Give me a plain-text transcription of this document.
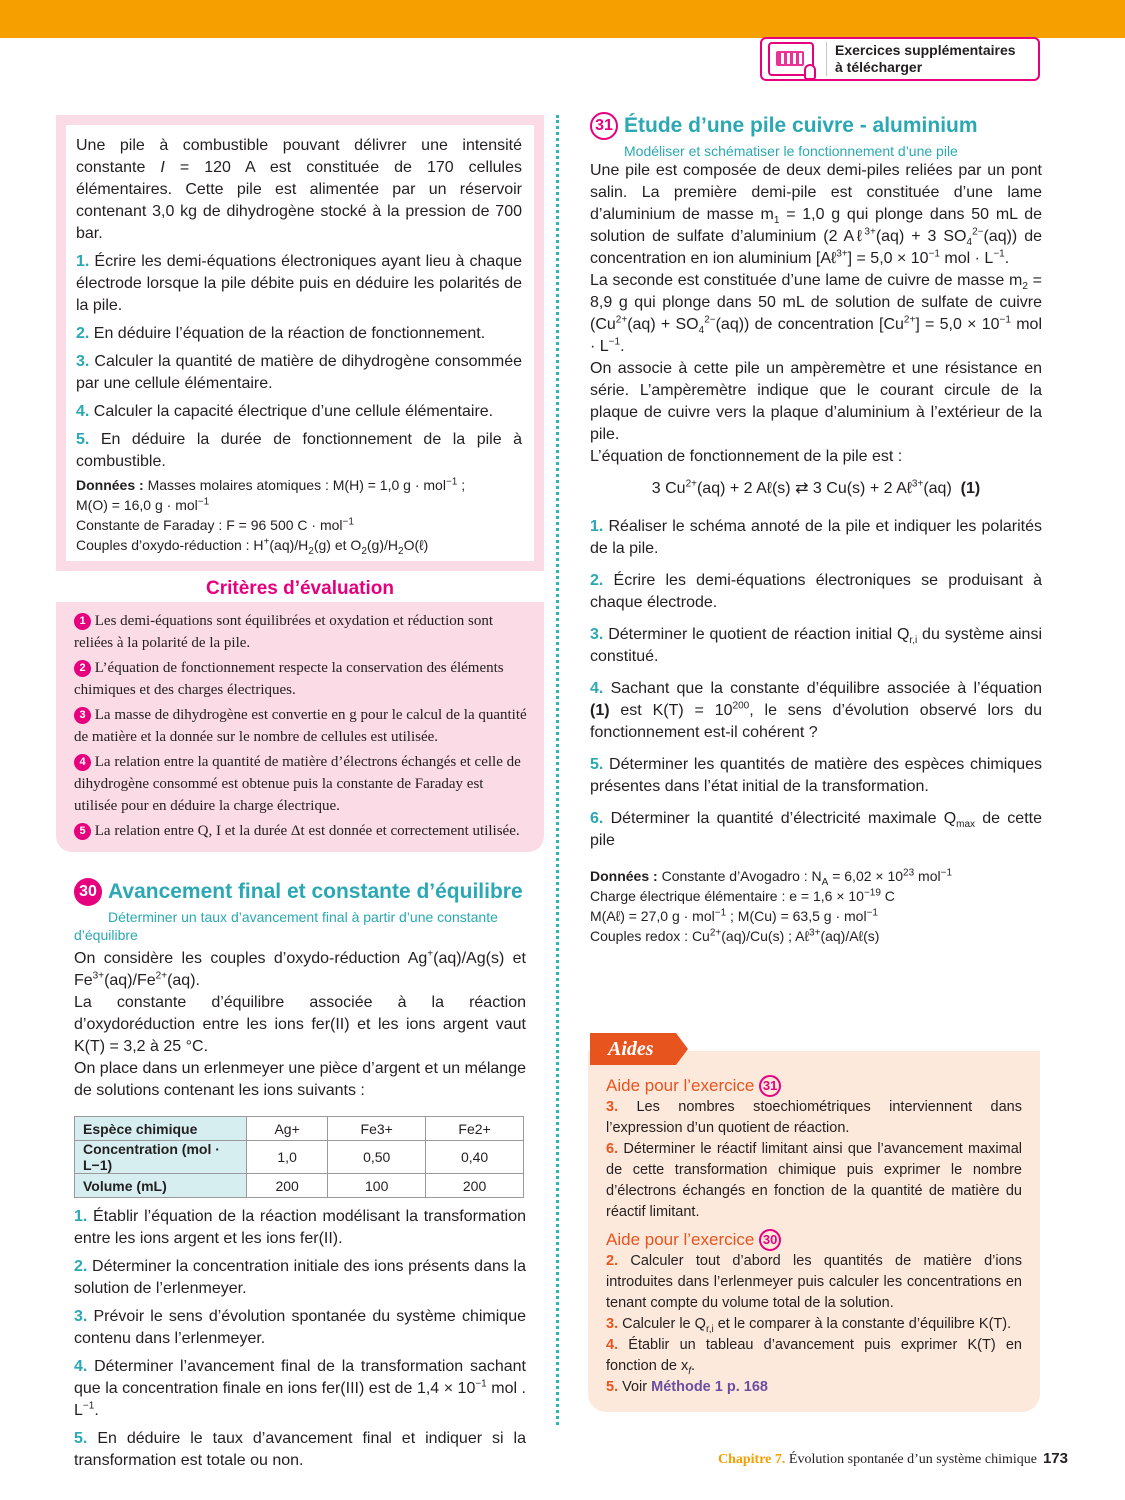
Exercices supplémentaires
à télécharger

Une pile à combustible pouvant délivrer une intensité constante I = 120 A est constituée de 170 cellules élémentaires. Cette pile est alimentée par un réservoir contenant 3,0 kg de dihydrogène stocké à la pression de 700 bar.

1. Écrire les demi-équations électroniques ayant lieu à chaque électrode lorsque la pile débite puis en déduire les polarités de la pile.

2. En déduire l’équation de la réaction de fonctionnement.

3. Calculer la quantité de matière de dihydrogène consommée par une cellule élémentaire.

4. Calculer la capacité électrique d’une cellule élémentaire.

5. En déduire la durée de fonctionnement de la pile à combustible.

Données : Masses molaires atomiques : M(H) = 1,0 g · mol$^{-1}$ ;
M(O) = 16,0 g · mol$^{-1}$
Constante de Faraday : F = 96 500 C · mol$^{-1}$
Couples d’oxydo-réduction : $H^+(aq)/H_2(g)$ et $O_2(g)/H_2O(\ell)$
Critères d’évaluation
1 Les demi-équations sont équilibrées et oxydation et réduction sont reliées à la polarité de la pile.
2 L’équation de fonctionnement respecte la conservation des éléments chimiques et des charges électriques.
3 La masse de dihydrogène est convertie en g pour le calcul de la quantité de matière et la donnée sur le nombre de cellules est utilisée.
4 La relation entre la quantité de matière d’électrons échangés et celle de dihydrogène consommé est obtenue puis la constante de Faraday est utilisée pour en déduire la charge électrique.
5 La relation entre Q, I et la durée Δt est donnée et correctement utilisée.
30 Avancement final et constante d’équilibre
Déterminer un taux d’avancement final à partir d’une constante d’équilibre

On considère les couples d’oxydo-réduction Ag+(aq)/Ag(s) et $Fe^{3+}(aq)/Fe^{2+}(aq)$.

La constante d’équilibre associée à la réaction d’oxydoréduction entre les ions fer(II) et les ions argent vaut K(T) = 3,2 à 25 °C.

On place dans un erlenmeyer une pièce d’argent et un mélange de solutions contenant les ions suivants :

Espèce chimique	Ag+	Fe3+	Fe2+
Concentration (mol · L−1)	1,0	0,50	0,40
Volume (mL)	200	100	200

1. Établir l’équation de la réaction modélisant la transformation entre les ions argent et les ions fer(II).

2. Déterminer la concentration initiale des ions présents dans la solution de l’erlenmeyer.

3. Prévoir le sens d’évolution spontanée du système chimique contenu dans l’erlenmeyer.

4. Déterminer l’avancement final de la transformation sachant que la concentration finale en ions fer(III) est de $1,4 \times 10^{-1}$ mol . $L^{-1}$.

5. En déduire le taux d’avancement final et indiquer si la transformation est totale ou non.

31 Étude d’une pile cuivre - aluminium
Modéliser et schématiser le fonctionnement d’une pile

Une pile est composée de deux demi-piles reliées par un pont salin. La première demi-pile est constituée d’une lame d’aluminium de masse $m_1 = 1,0$ g qui plonge dans 50 mL de solution de sulfate d’aluminium (2 Aℓ$^{3+}$(aq) + 3 $SO_4^{2-}(aq)$) de concentration en ion aluminium [Aℓ$^{3+}$] = $5,0 \times 10^{-1}$ mol · $L^{-1}$.

La seconde est constituée d’une lame de cuivre de masse $m_2 = 8,9$ g qui plonge dans 50 mL de solution de sulfate de cuivre $(Cu^{2+}(aq) + SO_4^{2-}(aq))$ de concentration $[Cu^{2+}] = 5,0 \times 10^{-1}$ mol · $L^{-1}$.

On associe à cette pile un ampèremètre et une résistance en série. L’ampèremètre indique que le courant circule de la plaque de cuivre vers la plaque d’aluminium à l’extérieur de la pile.

L’équation de fonctionnement de la pile est :

3 $Cu^{2+}(aq) + 2$ Aℓ(s) ⇄ 3 Cu(s) + 2 Aℓ$^{3+}$(aq) (1)

1. Réaliser le schéma annoté de la pile et indiquer les polarités de la pile.

2. Écrire les demi-équations électroniques se produisant à chaque électrode.

3. Déterminer le quotient de réaction initial $Q_{r,i}$ du système ainsi constitué.

4. Sachant que la constante d’équilibre associée à l’équation (1) est $K(T) = 10^{200}$, le sens d’évolution observé lors du fonctionnement est-il cohérent ?

5. Déterminer les quantités de matière des espèces chimiques présentes dans l’état initial de la transformation.

6. Déterminer la quantité d’électricité maximale $Q_{max}$ de cette pile

Données : Constante d’Avogadro : $N_A = 6,02 \times 10^{23}$ mol$^{-1}$
Charge électrique élémentaire : $e = 1,6 \times 10^{-19}$ C
M(Aℓ) = 27,0 g · mol$^{-1}$ ; M(Cu) = 63,5 g · mol$^{-1}$
Couples redox : $Cu^{2+}(aq)/Cu(s)$ ; Aℓ$^{3+}$(aq)/Aℓ(s)
Aides
Aide pour l’exercice 31

3. Les nombres stoechiométriques interviennent dans l’expression d’un quotient de réaction.

6. Déterminer le réactif limitant ainsi que l’avancement maximal de cette transformation chimique puis exprimer le nombre d’électrons échangés en fonction de la quantité de matière du réactif limitant.

Aide pour l’exercice 30

2. Calculer tout d’abord les quantités de matière d’ions introduites dans l’erlenmeyer puis calculer les concentrations en tenant compte du volume total de la solution.

3. Calculer le $Q_{r,i}$ et le comparer à la constante d’équilibre K(T).

4. Établir un tableau d’avancement puis exprimer K(T) en fonction de $x_f$.

5. Voir Méthode 1 p. 168

Chapitre 7. Évolution spontanée d’un système chimique 173
